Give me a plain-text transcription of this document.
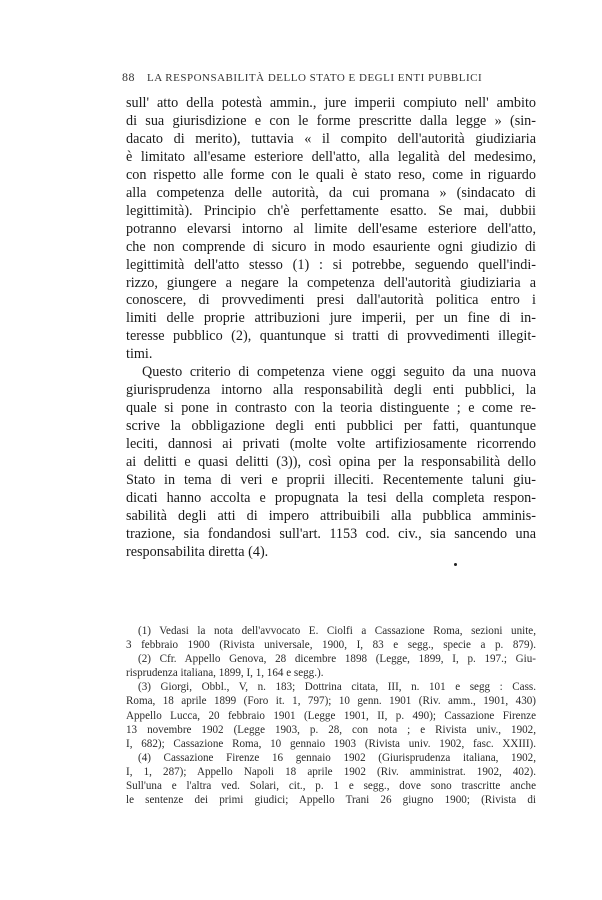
88 LA RESPONSABILITÀ DELLO STATO E DEGLI ENTI PUBBLICI

sull' atto della potestà ammin., jure imperii compiuto nell' ambito
di sua giurisdizione e con le forme prescritte dalla legge » (sin-
dacato di merito), tuttavia « il compito dell'autorità giudiziaria
è limitato all'esame esteriore dell'atto, alla legalità del medesimo,
con rispetto alle forme con le quali è stato reso, come in riguardo
alla competenza delle autorità, da cui promana » (sindacato di
legittimità). Principio ch'è perfettamente esatto. Se mai, dubbii
potranno elevarsi intorno al limite dell'esame esteriore dell'atto,
che non comprende di sicuro in modo esauriente ogni giudizio di
legittimità dell'atto stesso (1) : si potrebbe, seguendo quell'indi-
rizzo, giungere a negare la competenza dell'autorità giudiziaria a
conoscere, di provvedimenti presi dall'autorità politica entro i
limiti delle proprie attribuzioni jure imperii, per un fine di in-
teresse pubblico (2), quantunque si tratti di provvedimenti illegit-
timi.

Questo criterio di competenza viene oggi seguito da una nuova
giurisprudenza intorno alla responsabilità degli enti pubblici, la
quale si pone in contrasto con la teoria distinguente ; e come re-
scrive la obbligazione degli enti pubblici per fatti, quantunque
leciti, dannosi ai privati (molte volte artifiziosamente ricorrendo
ai delitti e quasi delitti (3)), così opina per la responsabilità dello
Stato in tema di veri e proprii illeciti. Recentemente taluni giu-
dicati hanno accolta e propugnata la tesi della completa respon-
sabilità degli atti di impero attribuibili alla pubblica amminis-
trazione, sia fondandosi sull'art. 1153 cod. civ., sia sancendo una
responsabilita diretta (4).

(1) Vedasi la nota dell'avvocato E. Ciolfi a Cassazione Roma, sezioni unite,
3 febbraio 1900 (Rivista universale, 1900, I, 83 e segg., specie a p. 879).
(2) Cfr. Appello Genova, 28 dicembre 1898 (Legge, 1899, I, p. 197.; Giu-
risprudenza italiana, 1899, I, 1, 164 e segg.).
(3) Giorgi, Obbl., V, n. 183; Dottrina citata, III, n. 101 e segg : Cass.
Roma, 18 aprile 1899 (Foro it. 1, 797); 10 genn. 1901 (Riv. amm., 1901, 430)
Appello Lucca, 20 febbraio 1901 (Legge 1901, II, p. 490); Cassazione Firenze
13 novembre 1902 (Legge 1903, p. 28, con nota ; e Rivista univ., 1902,
I, 682); Cassazione Roma, 10 gennaio 1903 (Rivista univ. 1902, fasc. XXIII).
(4) Cassazione Firenze 16 gennaio 1902 (Giurisprudenza italiana, 1902,
I, 1, 287); Appello Napoli 18 aprile 1902 (Riv. amministrat. 1902, 402).
Sull'una e l'altra ved. Solari, cit., p. 1 e segg., dove sono trascritte anche
le sentenze dei primi giudici; Appello Trani 26 giugno 1900; (Rivista di
